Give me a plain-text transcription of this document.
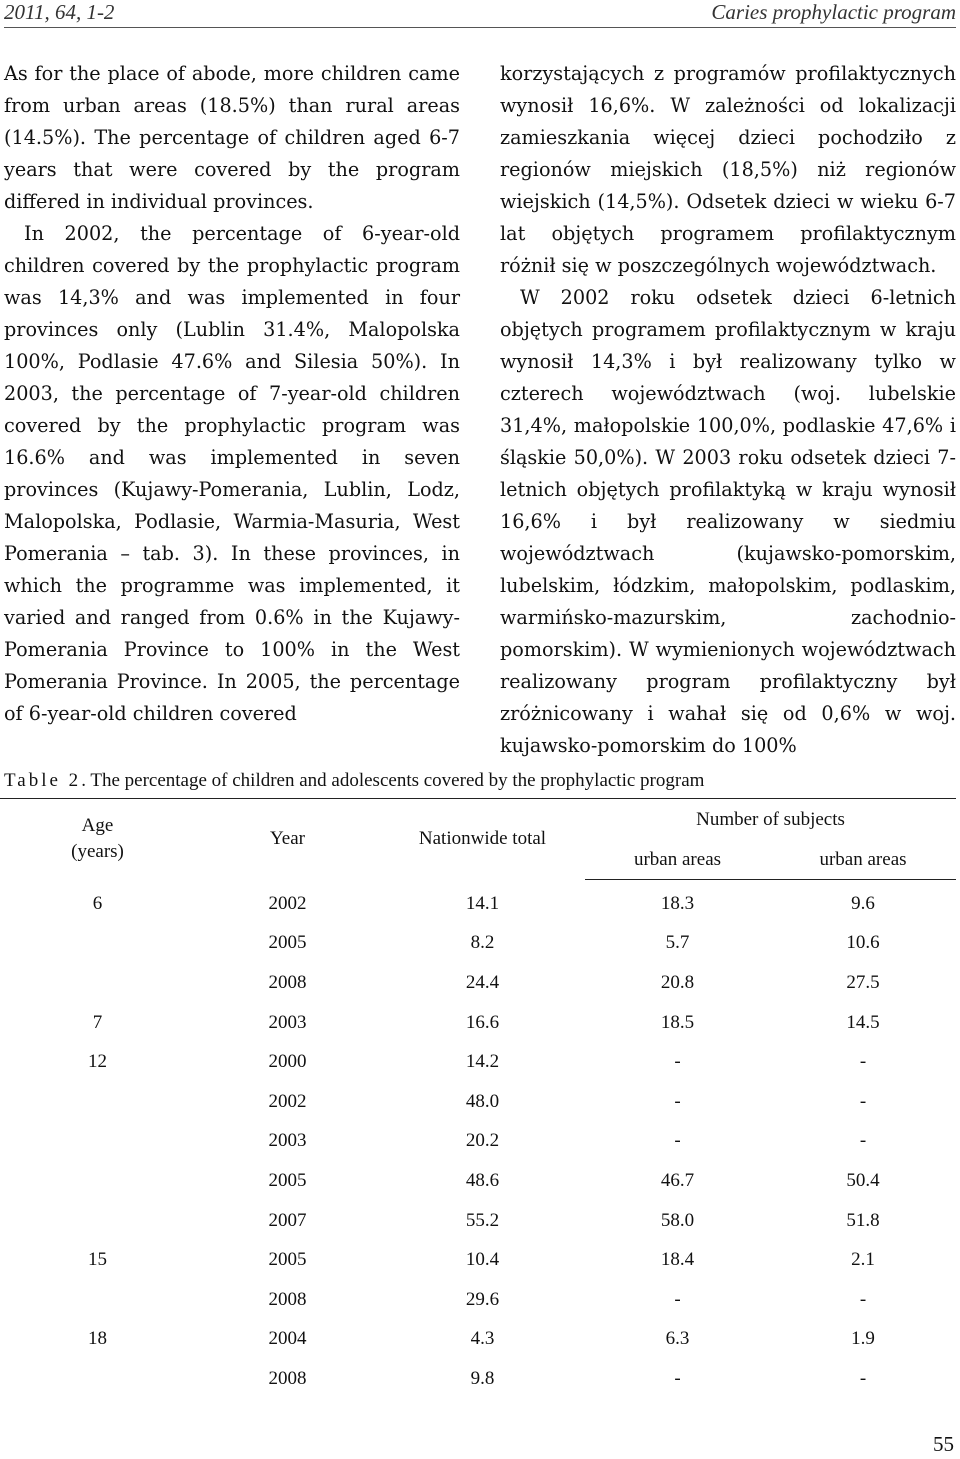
2011, 64, 1-2	Caries prophylactic program

As for the place of abode, more children came from urban areas (18.5%) than rural areas (14.5%). The percentage of children aged 6-7 years that were covered by the program differed in individual provinces.

In 2002, the percentage of 6-year-old children covered by the prophylactic program was 14,3% and was implemented in four provinces only (Lublin 31.4%, Malopolska 100%, Podlasie 47.6% and Silesia 50%). In 2003, the percentage of 7-year-old children covered by the prophylactic program was 16.6% and was implemented in seven provinces (Kujawy-Pomerania, Lublin, Lodz, Malopolska, Podlasie, Warmia-Masuria, West Pomerania – tab. 3). In these provinces, in which the programme was implemented, it varied and ranged from 0.6% in the Kujawy-Pomerania Province to 100% in the West Pomerania Province. In 2005, the percentage of 6-year-old children covered

korzystających z programów profilaktycznych wynosił 16,6%. W zależności od lokalizacji zamieszkania więcej dzieci pochodziło z regionów miejskich (18,5%) niż regionów wiejskich (14,5%). Odsetek dzieci w wieku 6-7 lat objętych programem profilaktycznym różnił się w poszczególnych województwach.

W 2002 roku odsetek dzieci 6-letnich objętych programem profilaktycznym w kraju wynosił 14,3% i był realizowany tylko w czterech województwach (woj. lubelskie 31,4%, małopolskie 100,0%, podlaskie 47,6% i śląskie 50,0%). W 2003 roku odsetek dzieci 7-letnich objętych profilaktyką w kraju wynosił 16,6% i był realizowany w siedmiu województwach (kujawsko-pomorskim, lubelskim, łódzkim, małopolskim, podlaskim, warmińsko-mazurskim, zachodnio-pomorskim). W wymienionych województwach realizowany program profilaktyczny był zróżnicowany i wahał się od 0,6% w woj. kujawsko-pomorskim do 100%

Table 2. The percentage of children and adolescents covered by the prophylactic program
Age (years)	Year	Nationwide total	Number of subjects	
			urban areas	urban areas
6	2002	14.1	18.3	9.6
	2005	8.2	5.7	10.6
	2008	24.4	20.8	27.5
7	2003	16.6	18.5	14.5
12	2000	14.2	-	-
	2002	48.0	-	-
	2003	20.2	-	-
	2005	48.6	46.7	50.4
	2007	55.2	58.0	51.8
15	2005	10.4	18.4	2.1
	2008	29.6	-	-
18	2004	4.3	6.3	1.9
	2008	9.8	-	-
55
